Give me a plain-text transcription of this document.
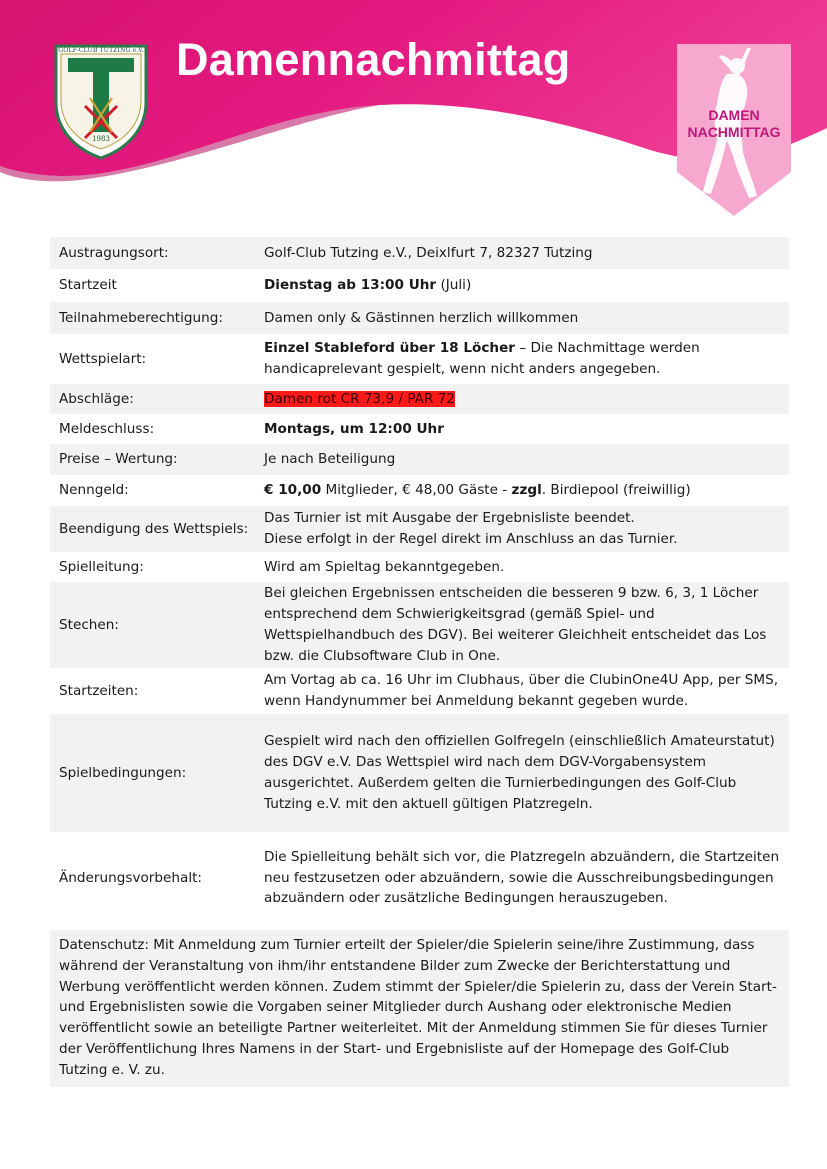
GOLF-CLUB TUTZING e.V.
1983
Damennachmittag
DAMEN
NACHMITTAG
Austragungsort:	Golf-Club Tutzing e.V., Deixlfurt 7, 82327 Tutzing
Startzeit	Dienstag ab 13:00 Uhr (Juli)
Teilnahmeberechtigung:	Damen only & Gästinnen herzlich willkommen
Wettspielart:
Einzel Stableford über 18 Löcher – Die Nachmittage werden handicaprelevant gespielt, wenn nicht anders angegeben.
Abschläge:	Damen rot CR 73,9 / PAR 72
Meldeschluss:	Montags, um 12:00 Uhr
Preise – Wertung:	Je nach Beteiligung
Nenngeld:	€ 10,00 Mitglieder, € 48,00 Gäste - zzgl. Birdiepool (freiwillig)
Beendigung des Wettspiels:
Das Turnier ist mit Ausgabe der Ergebnisliste beendet.
Diese erfolgt in der Regel direkt im Anschluss an das Turnier.
Spielleitung:	Wird am Spieltag bekanntgegeben.
Stechen:
Bei gleichen Ergebnissen entscheiden die besseren 9 bzw. 6, 3, 1 Löcher entsprechend dem Schwierigkeitsgrad (gemäß Spiel- und Wettspielhandbuch des DGV). Bei weiterer Gleichheit entscheidet das Los bzw. die Clubsoftware Club in One.
Startzeiten:
Am Vortag ab ca. 16 Uhr im Clubhaus, über die ClubinOne4U App, per SMS, wenn Handynummer bei Anmeldung bekannt gegeben wurde.
Spielbedingungen:
Gespielt wird nach den offiziellen Golfregeln (einschließlich Amateurstatut) des DGV e.V. Das Wettspiel wird nach dem DGV-Vorgabensystem ausgerichtet. Außerdem gelten die Turnierbedingungen des Golf-Club Tutzing e.V. mit den aktuell gültigen Platzregeln.
Änderungsvorbehalt:
Die Spielleitung behält sich vor, die Platzregeln abzuändern, die Startzeiten neu festzusetzen oder abzuändern, sowie die Ausschreibungsbedingungen abzuändern oder zusätzliche Bedingungen herauszugeben.
Datenschutz: Mit Anmeldung zum Turnier erteilt der Spieler/die Spielerin seine/ihre Zustimmung, dass während der Veranstaltung von ihm/ihr entstandene Bilder zum Zwecke der Berichterstattung und Werbung veröffentlicht werden können. Zudem stimmt der Spieler/die Spielerin zu, dass der Verein Start- und Ergebnislisten sowie die Vorgaben seiner Mitglieder durch Aushang oder elektronische Medien veröffentlicht sowie an beteiligte Partner weiterleitet. Mit der Anmeldung stimmen Sie für dieses Turnier der Veröffentlichung Ihres Namens in der Start- und Ergebnisliste auf der Homepage des Golf-Club Tutzing e. V. zu.
